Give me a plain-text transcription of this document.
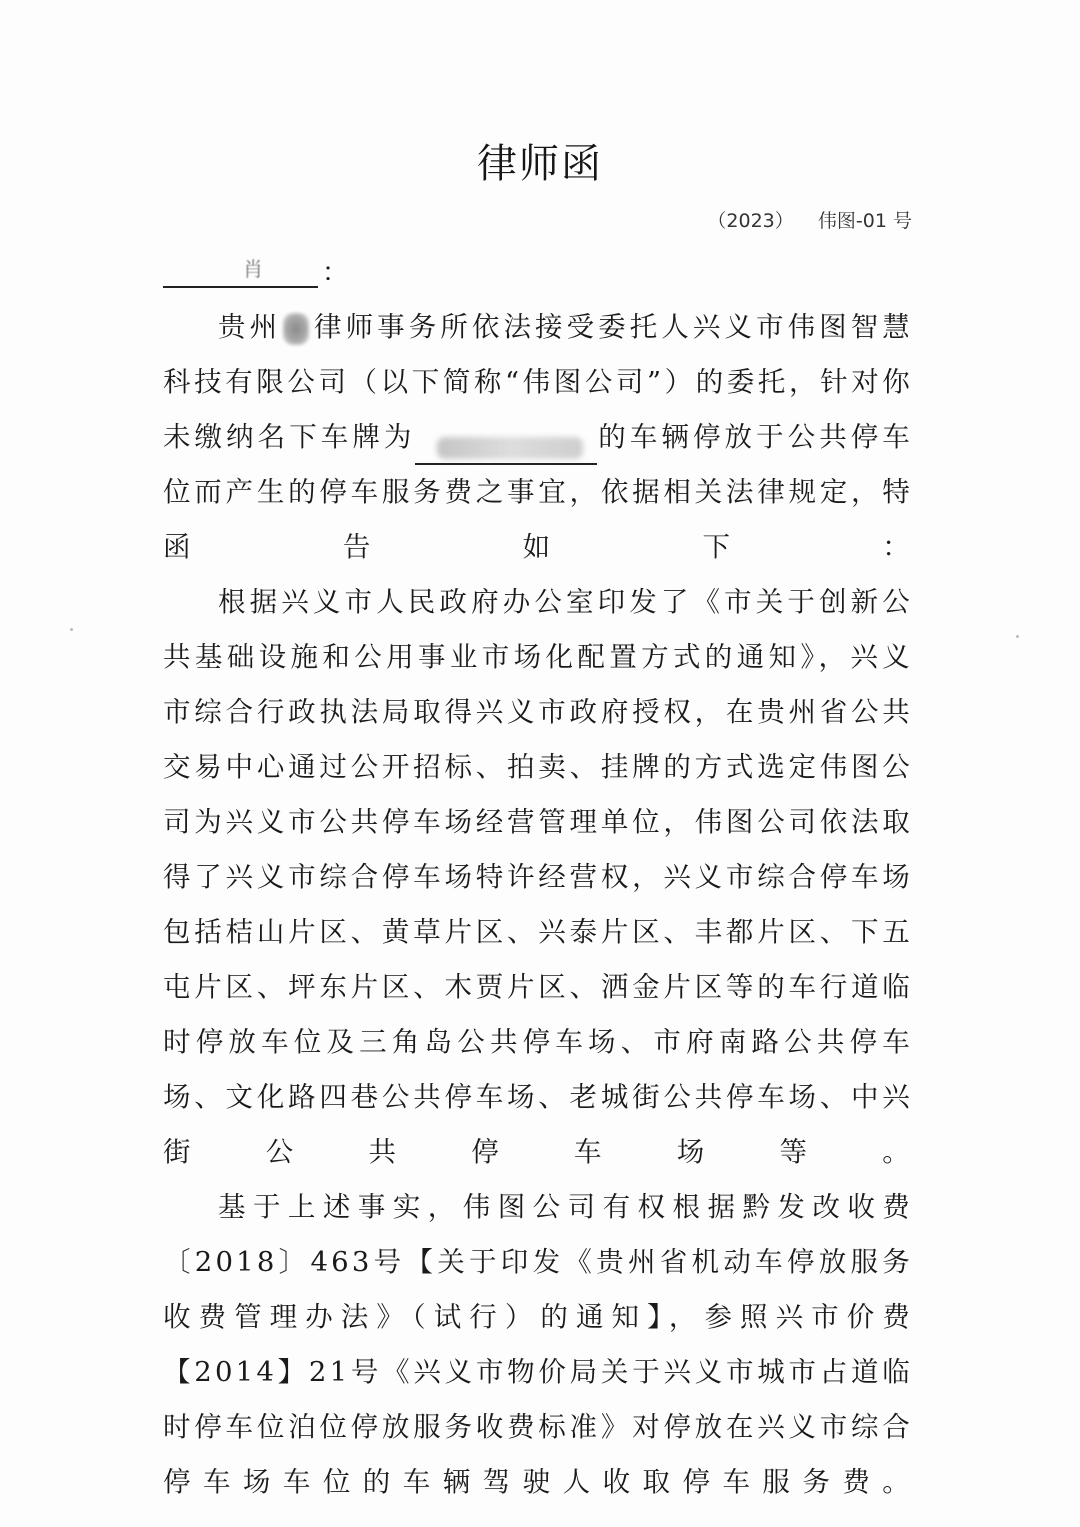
律师函
（2023）    伟图-01 号
肖 ：

贵州 律师事务所依法接受委托人兴义市伟图智慧科技有限公司（以下简称“伟图公司”）的委托，针对你未缴纳名下车牌为	的车辆停放于公共停车位而产生的停车服务费之事宜，依据相关法律规定，特函告如下：

根据兴义市人民政府办公室印发了《市关于创新公共基础设施和公用事业市场化配置方式的通知》，兴义市综合行政执法局取得兴义市政府授权，在贵州省公共交易中心通过公开招标、拍卖、挂牌的方式选定伟图公司为兴义市公共停车场经营管理单位，伟图公司依法取得了兴义市综合停车场特许经营权，兴义市综合停车场包括桔山片区、黄草片区、兴泰片区、丰都片区、下五屯片区、坪东片区、木贾片区、洒金片区等的车行道临时停放车位及三角岛公共停车场、市府南路公共停车场、文化路四巷公共停车场、老城街公共停车场、中兴街公共停车场等。

基于上述事实，伟图公司有权根据黔发改收费〔2018〕463号【关于印发《贵州省机动车停放服务收费管理办法》（试行）的通知】，参照兴市价费【2014】21号《兴义市物价局关于兴义市城市占道临时停车位泊位停放服务收费标准》对停放在兴义市综合停车场车位的车辆驾驶人收取停车服务费。
